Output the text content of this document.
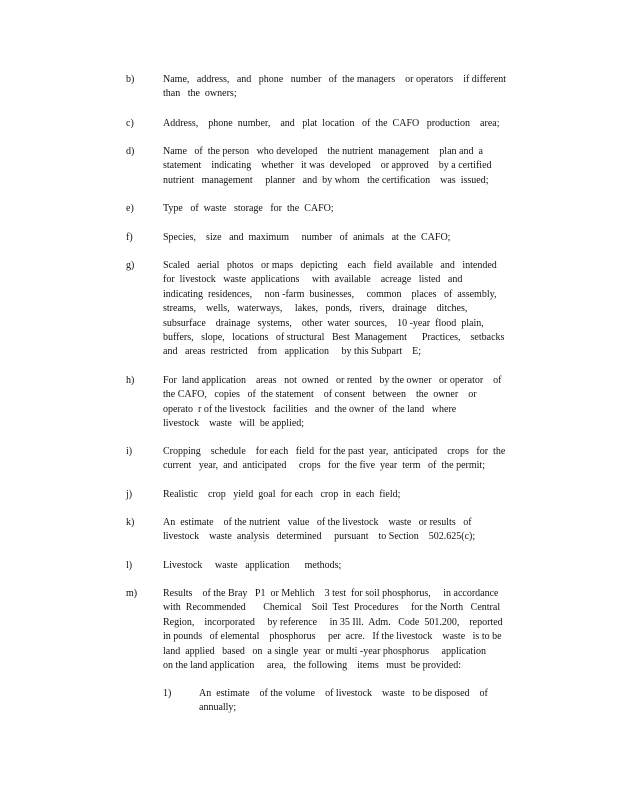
b)	Name,   address,   and   phone   number   of  the managers    or operators    if different
than   the  owners;
c)	Address,    phone  number,    and   plat  location   of  the  CAFO   production    area;
d)	Name   of  the person   who developed    the nutrient  management    plan and  a
statement    indicating    whether   it was  developed    or approved    by a certified
nutrient   management     planner   and  by whom   the certification    was  issued;
e)	Type   of  waste   storage   for  the  CAFO;
f)	Species,    size   and  maximum     number   of  animals   at  the  CAFO;
g)	Scaled   aerial   photos   or maps   depicting    each   field  available   and   intended
for  livestock   waste  applications     with  available    acreage   listed   and
indicating  residences,     non -farm  businesses,     common    places   of  assembly,
streams,    wells,   waterways,     lakes,   ponds,   rivers,   drainage    ditches,
subsurface    drainage   systems,    other  water  sources,    10 -year  flood  plain,
buffers,   slope,   locations   of structural   Best  Management      Practices,    setbacks
and   areas  restricted    from   application     by this Subpart    E;
h)	For  land application    areas   not  owned   or rented   by the owner   or operator    of
the CAFO,   copies   of  the statement    of consent   between    the  owner    or
operato  r of the livestock   facilities   and  the owner  of  the land   where
livestock    waste   will  be applied;
i)	Cropping    schedule    for each   field  for the past  year,  anticipated    crops   for  the
current   year,  and  anticipated     crops   for  the five  year  term   of  the permit;
j)	Realistic    crop   yield  goal  for each   crop  in  each  field;
k)	An  estimate    of the nutrient   value   of the livestock    waste   or results   of
livestock    waste  analysis   determined     pursuant    to Section    502.625(c);
l)	Livestock     waste   application      methods;
m)	Results    of the Bray   P1  or Mehlich    3 test  for soil phosphorus,     in accordance
with  Recommended       Chemical    Soil  Test  Procedures     for the North   Central
Region,    incorporated     by reference     in 35 Ill.  Adm.   Code  501.200,    reported
in pounds   of elemental    phosphorus     per  acre.   If the livestock    waste   is to be
land  applied   based   on  a single  year  or multi -year phosphorus     application
on the land application     area,   the following    items   must  be provided:
1)	An  estimate    of the volume    of livestock    waste   to be disposed    of
annually;
